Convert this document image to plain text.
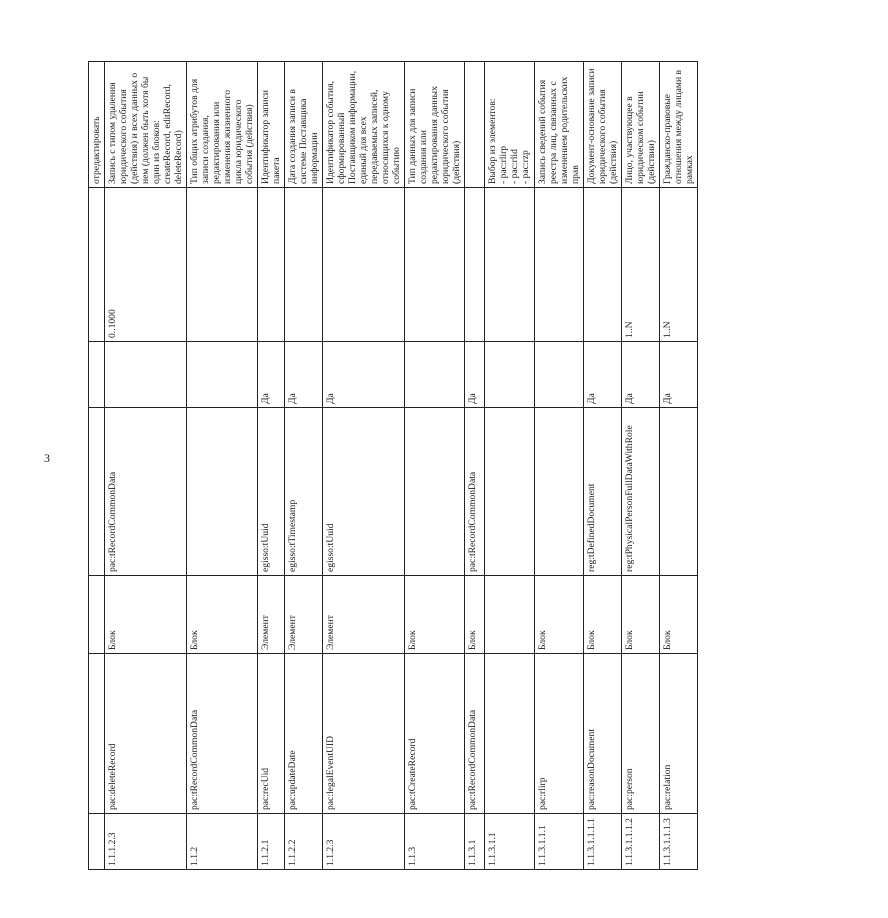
3
						отредактировать
1.1.1.2.3	pac:deleteRecord	Блок	pac:tRecordCommonData		0..1000	Запись с типом удаления юридического события (действия) и всех данных о нем (должен быть хотя бы один из блоков: createRecord, editRecord, deleteRecord)
1.1.2	pac:tRecordCommonData	Блок				Тип общих атрибутов для записи создания, редактирования или изменения жизненного цикла юридического события (действия)
1.1.2.1	pac:recUid	Элемент	egisso:tUuid	Да		Идентификатор записи пакета
1.1.2.2	pac:updateDate	Элемент	egisso:tTimestamp	Да		Дата создания записи в системе Поставщика информации
1.1.2.3	pac:legalEventUID	Элемент	egisso:tUuid	Да		Идентификатор события, сформированный Поставщиком информации, единый для всех передаваемых записей, относящихся к одному событию
1.1.3	pac:tCreateRecord	Блок				Тип данных для записи создания или редактирования данных юридического события (действия)
1.1.3.1	pac:tRecordCommonData	Блок	pac:tRecordCommonData	Да		
1.1.3.1.1						Выбор из элементов:
- pac:rlirp
- pac:rlid
- pac:rzp
1.1.3.1.1.1	pac:rlirp	Блок				Запись сведений события реестра лиц, связанных с изменением родительских прав
1.1.3.1.1.1.1	pac:reasonDocument	Блок	reg:tDefinedDocument	Да		Документ-основание записи юридического события (действия)
1.1.3.1.1.1.2	pac:person	Блок	reg:tPhysicalPersonFullDataWithRole	Да	1..N	Лицо, участвующее в юридическом событии (действии)
1.1.3.1.1.1.3	pac:relation	Блок		Да	1..N	Гражданско-правовые отношения между лицами в рамках
